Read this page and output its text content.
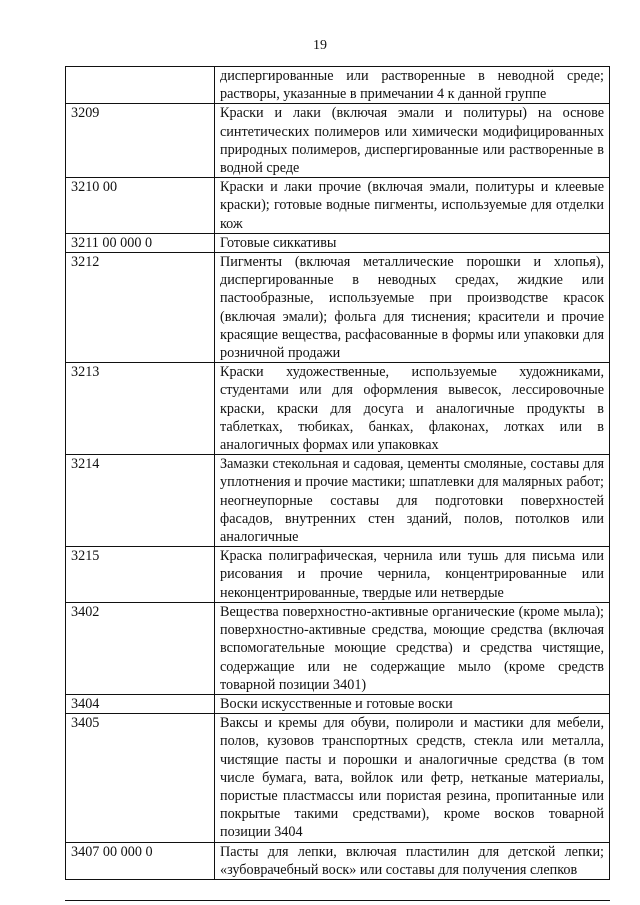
19
	диспергированные или растворенные в неводной среде; растворы, указанные в примечании 4 к данной группе
3209	Краски и лаки (включая эмали и политуры) на основе синтетических полимеров или химически модифицированных природных полимеров, диспергированные или растворенные в водной среде
3210 00	Краски и лаки прочие (включая эмали, политуры и клеевые краски); готовые водные пигменты, используемые для отделки кож
3211 00 000 0	Готовые сиккативы
3212	Пигменты (включая металлические порошки и хлопья), диспергированные в неводных средах, жидкие или пастообразные, используемые при производстве красок (включая эмали); фольга для тиснения; красители и прочие красящие вещества, расфасованные в формы или упаковки для розничной продажи
3213	Краски художественные, используемые художниками, студентами или для оформления вывесок, лессировочные краски, краски для досуга и аналогичные продукты в таблетках, тюбиках, банках, флаконах, лотках или в аналогичных формах или упаковках
3214	Замазки стекольная и садовая, цементы смоляные, составы для уплотнения и прочие мастики; шпатлевки для малярных работ; неогнеупорные составы для подготовки поверхностей фасадов, внутренних стен зданий, полов, потолков или аналогичные
3215	Краска полиграфическая, чернила или тушь для письма или рисования и прочие чернила, концентрированные или неконцентрированные, твердые или нетвердые
3402	Вещества поверхностно-активные органические (кроме мыла); поверхностно-активные средства, моющие средства (включая вспомогательные моющие средства) и средства чистящие, содержащие или не содержащие мыло (кроме средств товарной позиции 3401)
3404	Воски искусственные и готовые воски
3405	Ваксы и кремы для обуви, полироли и мастики для мебели, полов, кузовов транспортных средств, стекла или металла, чистящие пасты и порошки и аналогичные средства (в том числе бумага, вата, войлок или фетр, нетканые материалы, пористые пластмассы или пористая резина, пропитанные или покрытые такими средствами), кроме восков товарной позиции 3404
3407 00 000 0	Пасты для лепки, включая пластилин для детской лепки; «зубоврачебный воск» или составы для получения слепков
